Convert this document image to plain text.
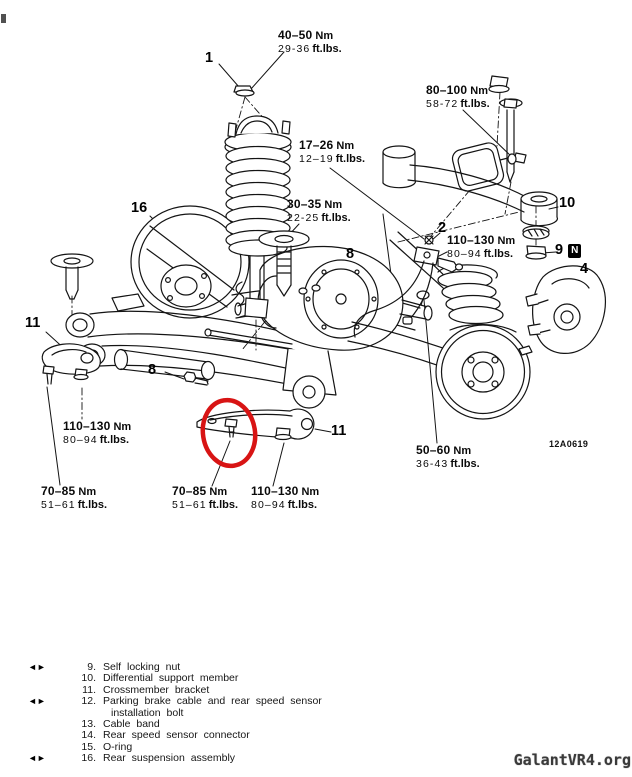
40–50 Nm
29-36 ft.lbs.
80–100 Nm
58-72 ft.lbs.
17–26 Nm
12–19 ft.lbs.
30–35 Nm
22-25 ft.lbs.
110–130 Nm
80–94 ft.lbs.
110–130 Nm
80–94 ft.lbs.
70–85 Nm
51–61 ft.lbs.
70–85 Nm
51–61 ft.lbs.
110–130 Nm
80–94 ft.lbs.
50–60 Nm
36-43 ft.lbs.
1
16
2
10
9 N
4
8
8
11
11
12A0619
◄►	9. Self locking nut
10. Differential support member
11. Crossmember bracket
◄►	12. Parking brake cable and rear speed sensor
installation bolt
13. Cable band
14. Rear speed sensor connector
15. O-ring
◄►	16. Rear suspension assembly	GalantVR4.org
